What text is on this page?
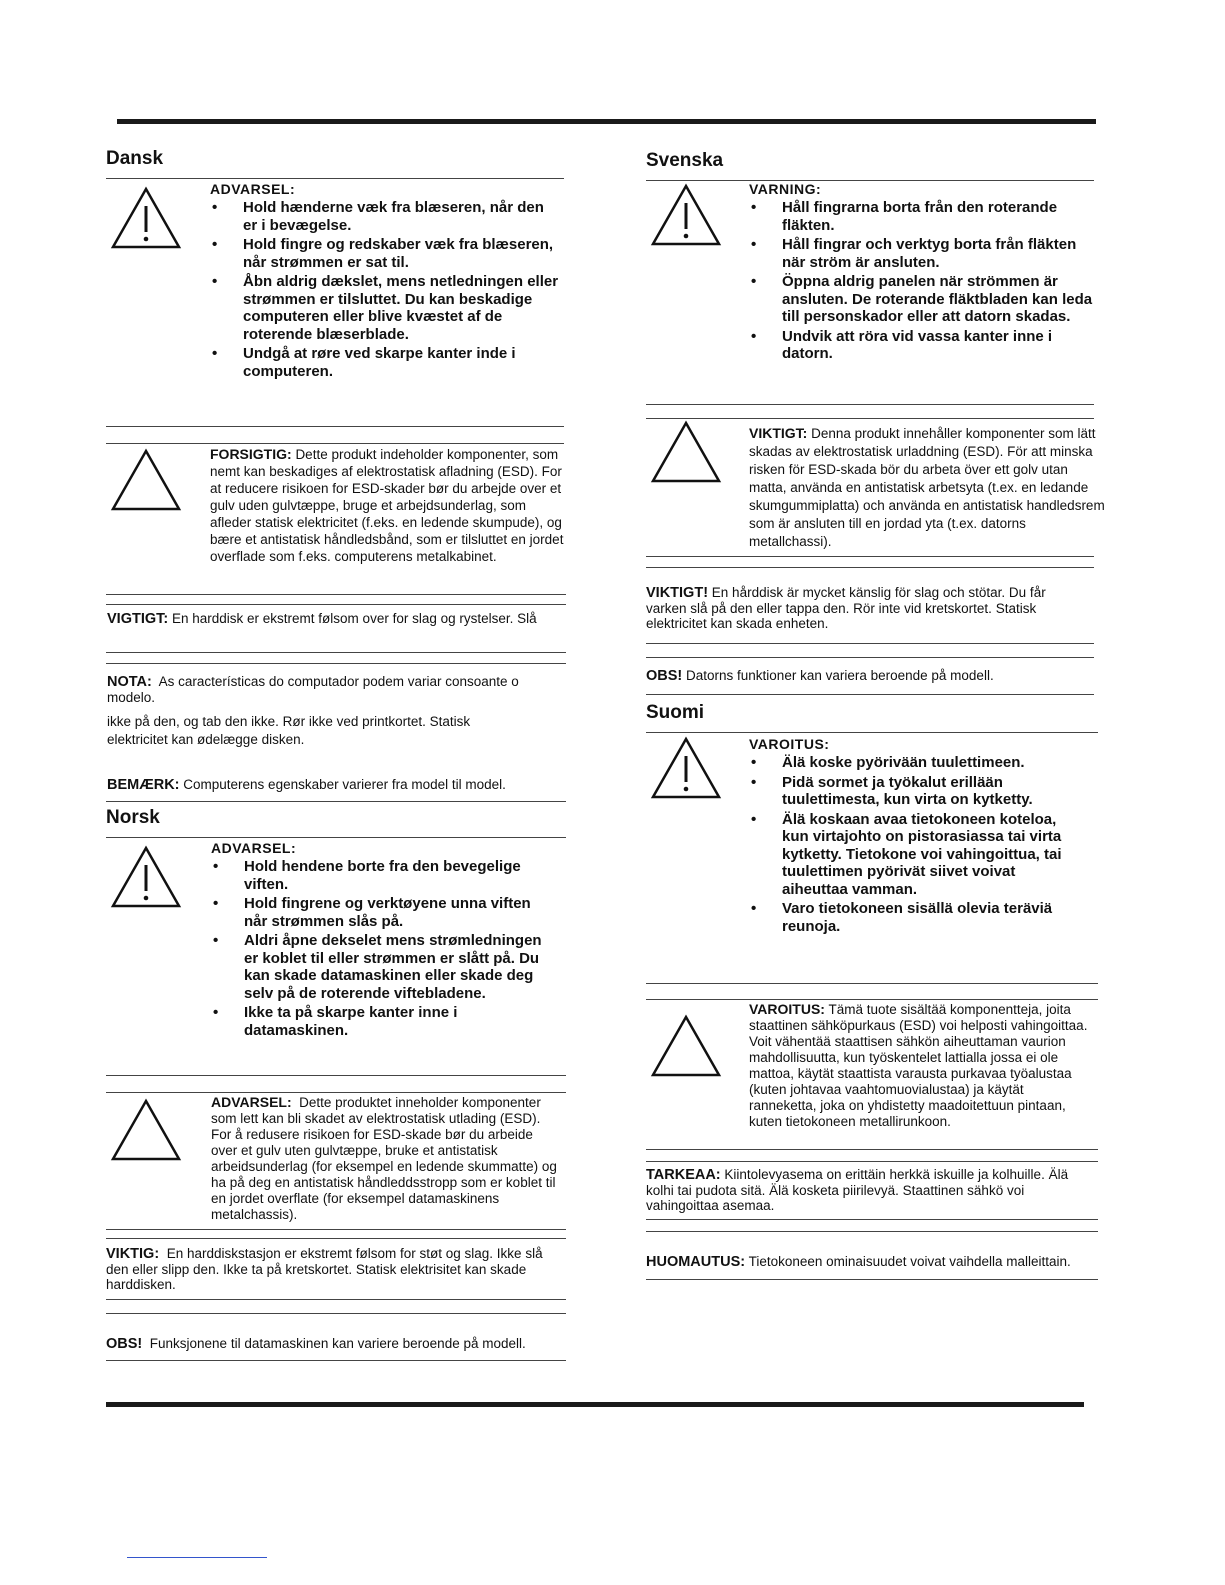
Dansk
ADVARSEL:
• Hold hænderne væk fra blæseren, når den er i bevægelse.
• Hold fingre og redskaber væk fra blæseren, når strømmen er sat til.
• Åbn aldrig dækslet, mens netledningen eller strømmen er tilsluttet. Du kan beskadige computeren eller blive kvæstet af de roterende blæserblade.
• Undgå at røre ved skarpe kanter inde i computeren.
FORSIGTIG: Dette produkt indeholder komponenter, som nemt kan beskadiges af elektrostatisk afladning (ESD). For at reducere risikoen for ESD-skader bør du arbejde over et gulv uden gulvtæppe, bruge et arbejdsunderlag, som afleder statisk elektricitet (f.eks. en ledende skumpude), og bære et antistatisk håndledsbånd, som er tilsluttet en jordet overflade som f.eks. computerens metalkabinet.
VIGTIGT: En harddisk er ekstremt følsom over for slag og rystelser. Slå
NOTA: As características do computador podem variar consoante o modelo.
ikke på den, og tab den ikke. Rør ikke ved printkortet. Statisk elektricitet kan ødelægge disken.
BEMÆRK: Computerens egenskaber varierer fra model til model.
Norsk
ADVARSEL:
• Hold hendene borte fra den bevegelige viften.
• Hold fingrene og verktøyene unna viften når strømmen slås på.
• Aldri åpne dekselet mens strømledningen er koblet til eller strømmen er slått på. Du kan skade datamaskinen eller skade deg selv på de roterende viftebladene.
• Ikke ta på skarpe kanter inne i datamaskinen.
ADVARSEL: Dette produktet inneholder komponenter som lett kan bli skadet av elektrostatisk utlading (ESD). For å redusere risikoen for ESD-skade bør du arbeide over et gulv uten gulvtæppe, bruke et antistatisk arbeidsunderlag (for eksempel en ledende skummatte) og ha på deg en antistatisk håndleddsstropp som er koblet til en jordet overflate (for eksempel datamaskinens metalchassis).
VIKTIG: En harddiskstasjon er ekstremt følsom for støt og slag. Ikke slå den eller slipp den. Ikke ta på kretskortet. Statisk elektrisitet kan skade harddisken.
OBS! Funksjonene til datamaskinen kan variere beroende på modell.
Svenska
VARNING:
• Håll fingrarna borta från den roterande fläkten.
• Håll fingrar och verktyg borta från fläkten när ström är ansluten.
• Öppna aldrig panelen när strömmen är ansluten. De roterande fläktbladen kan leda till personskador eller att datorn skadas.
• Undvik att röra vid vassa kanter inne i datorn.
VIKTIGT: Denna produkt innehåller komponenter som lätt skadas av elektrostatisk urladdning (ESD). För att minska risken för ESD-skada bör du arbeta över ett golv utan matta, använda en antistatisk arbetsyta (t.ex. en ledande skumgummiplatta) och använda en antistatisk handledsrem som är ansluten till en jordad yta (t.ex. datorns metallchassi).
VIKTIGT! En hårddisk är mycket känslig för slag och stötar. Du får varken slå på den eller tappa den. Rör inte vid kretskortet. Statisk elektricitet kan skada enheten.
OBS! Datorns funktioner kan variera beroende på modell.
Suomi
VAROITUS:
• Älä koske pyörivään tuulettimeen.
• Pidä sormet ja työkalut erillään tuulettimesta, kun virta on kytketty.
• Älä koskaan avaa tietokoneen koteloa, kun virtajohto on pistorasiassa tai virta kytketty. Tietokone voi vahingoittua, tai tuulettimen pyörivät siivet voivat aiheuttaa vamman.
• Varo tietokoneen sisällä olevia teräviä reunoja.
VAROITUS: Tämä tuote sisältää komponentteja, joita staattinen sähköpurkaus (ESD) voi helposti vahingoittaa. Voit vähentää staattisen sähkön aiheuttaman vaurion mahdollisuutta, kun työskentelet lattialla jossa ei ole mattoa, käytät staattista varausta purkavaa työalustaa (kuten johtavaa vaahtomuovialustaa) ja käytät ranneketta, joka on yhdistetty maadoitettuun pintaan, kuten tietokoneen metallirunkoon.
TARKEAA: Kiintolevyasema on erittäin herkkä iskuille ja kolhuille. Älä kolhi tai pudota sitä. Älä kosketa piirilevyä. Staattinen sähkö voi vahingoittaa asemaa.
HUOMAUTUS: Tietokoneen ominaisuudet voivat vaihdella malleittain.
